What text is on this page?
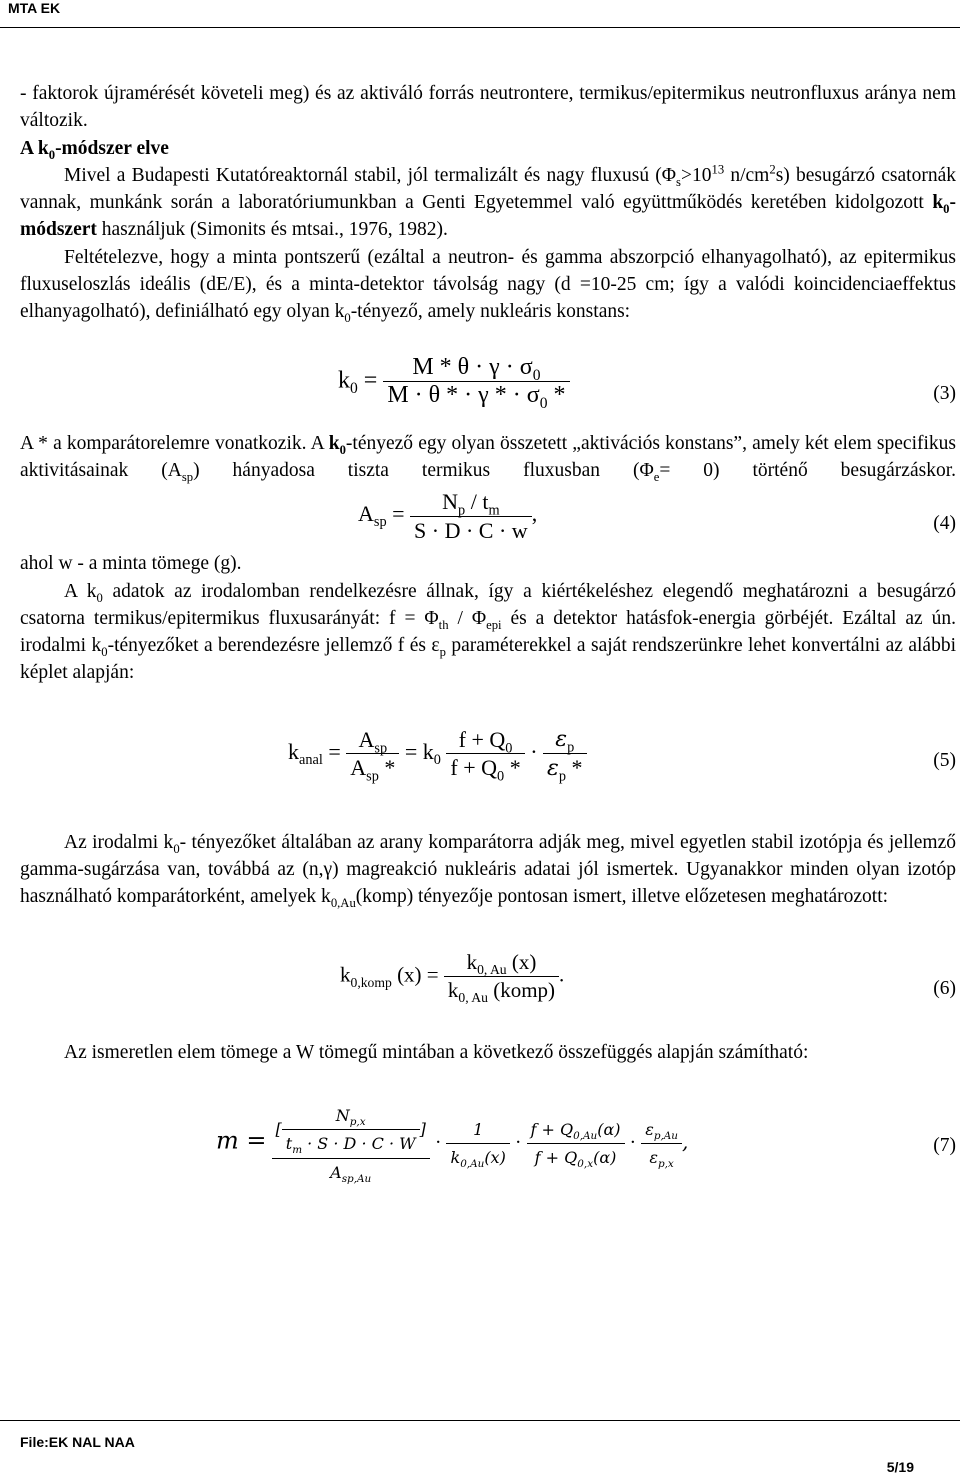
MTA EK

- faktorok újramérését követeli meg) és az aktiváló forrás neutrontere, termikus/epitermikus neutronfluxus aránya nem változik.

A $k_0$-módszer elve

Mivel a Budapesti Kutatóreaktornál stabil, jól termalizált és nagy fluxusú ($\Phi_s>10^{13}$ $n/cm^2s$) besugárzó csatornák vannak, munkánk során a laboratóriumunkban a Genti Egyetemmel való együttműködés keretében kidolgozott $k_0$-módszert használjuk (Simonits és mtsai., 1976, 1982).

Feltételezve, hogy a minta pontszerű (ezáltal a neutron- és gamma abszorpció elhanyagolható), az epitermikus fluxuseloszlás ideális (dE/E), és a minta-detektor távolság nagy (d =10-25 cm; így a valódi koincidenciaeffektus elhanyagolható), definiálható egy olyan $k_0$-tényező, amely nukleáris konstans:

$k_0 = \frac{M * \theta \cdot \gamma \cdot \sigma_0}{M \cdot \theta * \cdot \gamma * \cdot \sigma_0 *}$	(3)

A * a komparátorelemre vonatkozik. A $k_0$-tényező egy olyan összetett „aktivációs konstans”, amely két elem specifikus aktivitásainak $(A_{sp})$ hányadosa tiszta termikus fluxusban $(\Phi_e= 0)$ történő besugárzáskor.

$A_{sp} = \frac{N_p / t_m}{S \cdot D \cdot C \cdot w}$ ,	(4)

ahol w - a minta tömege (g).

A $k_0$ adatok az irodalomban rendelkezésre állnak, így a kiértékeléshez elegendő meghatározni a besugárzó csatorna termikus/epitermikus fluxusarányát: $f = \Phi_{th} / \Phi_{epi}$ és a detektor hatásfok-energia görbéjét. Ezáltal az ún. irodalmi $k_0$-tényezőket a berendezésre jellemző f és $\varepsilon_p$ paraméterekkel a saját rendszerünkre lehet konvertálni az alábbi képlet alapján:

$k_{anal} = \frac{A_{sp}}{A_{sp} *} = k_0 \frac{f + Q_0}{f + Q_0 *} \cdot \frac{\varepsilon_p}{\varepsilon_p *}$	(5)

Az irodalmi $k_0-$ tényezőket általában az arany komparátorra adják meg, mivel egyetlen stabil izotópja és jellemző gamma-sugárzása van, továbbá az (n,γ) magreakció nukleáris adatai jól ismertek. Ugyanakkor minden olyan izotóp használható komparátorként, amelyek $k_{0,Au}(komp)$ tényezője pontosan ismert, illetve előzetesen meghatározott:

$k_{0,komp}$ $(x) = \frac{k_{0, Au} (x)}{k_{0, Au} (komp)}$ .
(6)

Az ismeretlen elem tömege a W tömegű mintában a következő összefüggés alapján számítható:

$m = \frac{[ \frac{N_{p,x}}{t_m \cdot S \cdot D \cdot C \cdot W} ]}{A_{sp,Au}} \cdot \frac{1}{k_{0,Au}(x)} \cdot \frac{f + Q_{0,Au}(\alpha)}{f + Q_{0,x}(\alpha)} \cdot \frac{\varepsilon_{p,Au}}{\varepsilon_{p,x}}$ ,	(7)
File:EK NAL NAA
5/19
